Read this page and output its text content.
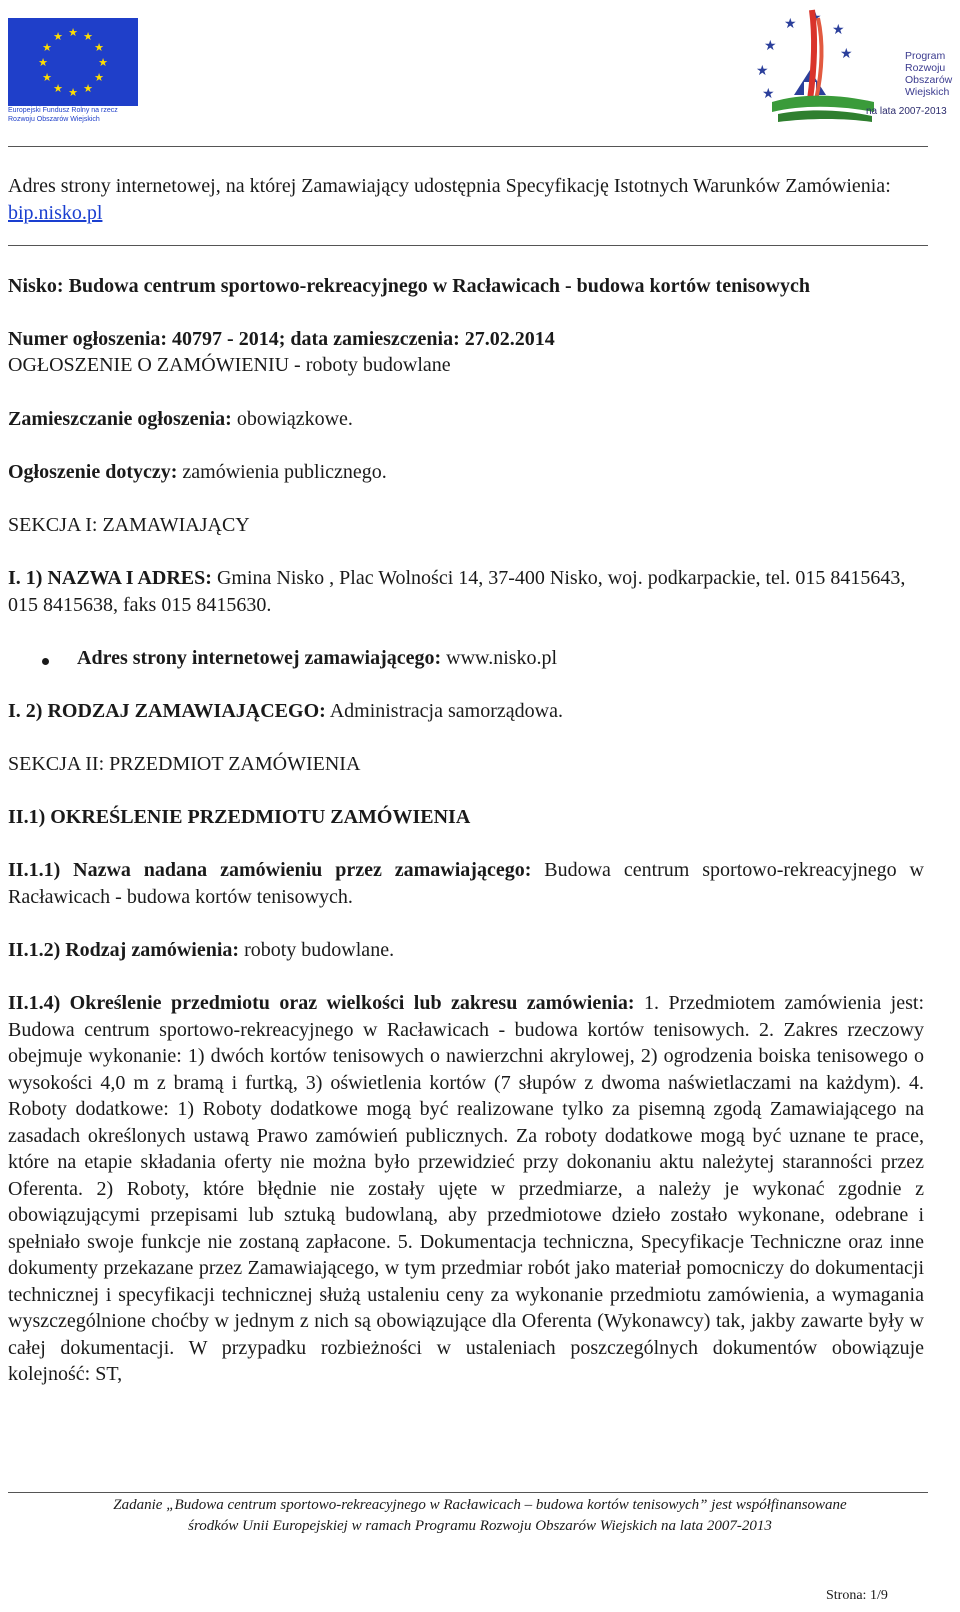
★ ★
★
★
★
★
★
★
★
★
★
★
Europejski Fundusz Rolny na rzecz
Rozwoju Obszarów Wiejskich
★
★ ★
★
★
★
★
Program
Rozwoju
Obszarów
Wiejskich
na lata 2007-2013

Adres strony internetowej, na której Zamawiający udostępnia Specyfikację Istotnych Warunków Zamówienia: bip.nisko.pl

Nisko: Budowa centrum sportowo-rekreacyjnego w Racławicach - budowa kortów tenisowych

Numer ogłoszenia: 40797 - 2014; data zamieszczenia: 27.02.2014

OGŁOSZENIE O ZAMÓWIENIU - roboty budowlane

Zamieszczanie ogłoszenia: obowiązkowe.

Ogłoszenie dotyczy: zamówienia publicznego.

SEKCJA I: ZAMAWIAJĄCY

I. 1) NAZWA I ADRES: Gmina Nisko , Plac Wolności 14, 37-400 Nisko, woj. podkarpackie, tel. 015 8415643, 015 8415638, faks 015 8415630.

Adres strony internetowej zamawiającego: www.nisko.pl

I. 2) RODZAJ ZAMAWIAJĄCEGO: Administracja samorządowa.

SEKCJA II: PRZEDMIOT ZAMÓWIENIA

II.1) OKREŚLENIE PRZEDMIOTU ZAMÓWIENIA

II.1.1) Nazwa nadana zamówieniu przez zamawiającego: Budowa centrum sportowo-rekreacyjnego w Racławicach - budowa kortów tenisowych.

II.1.2) Rodzaj zamówienia: roboty budowlane.

II.1.4) Określenie przedmiotu oraz wielkości lub zakresu zamówienia: 1. Przedmiotem zamówienia jest: Budowa centrum sportowo-rekreacyjnego w Racławicach - budowa kortów tenisowych. 2. Zakres rzeczowy obejmuje wykonanie: 1) dwóch kortów tenisowych o nawierzchni akrylowej, 2) ogrodzenia boiska tenisowego o wysokości 4,0 m z bramą i furtką, 3) oświetlenia kortów (7 słupów z dwoma naświetlaczami na każdym). 4. Roboty dodatkowe: 1) Roboty dodatkowe mogą być realizowane tylko za pisemną zgodą Zamawiającego na zasadach określonych ustawą Prawo zamówień publicznych. Za roboty dodatkowe mogą być uznane te prace, które na etapie składania oferty nie można było przewidzieć przy dokonaniu aktu należytej staranności przez Oferenta. 2) Roboty, które błędnie nie zostały ujęte w przedmiarze, a należy je wykonać zgodnie z obowiązującymi przepisami lub sztuką budowlaną, aby przedmiotowe dzieło zostało wykonane, odebrane i spełniało swoje funkcje nie zostaną zapłacone. 5. Dokumentacja techniczna, Specyfikacje Techniczne oraz inne dokumenty przekazane przez Zamawiającego, w tym przedmiar robót jako materiał pomocniczy do dokumentacji technicznej i specyfikacji technicznej służą ustaleniu ceny za wykonanie przedmiotu zamówienia, a wymagania wyszczególnione choćby w jednym z nich są obowiązujące dla Oferenta (Wykonawcy) tak, jakby zawarte były w całej dokumentacji. W przypadku rozbieżności w ustaleniach poszczególnych dokumentów obowiązuje kolejność: ST,

Zadanie „Budowa centrum sportowo-rekreacyjnego w Racławicach – budowa kortów tenisowych” jest współfinansowane
środków Unii Europejskiej w ramach Programu Rozwoju Obszarów Wiejskich na lata 2007-2013
Strona: 1/9
